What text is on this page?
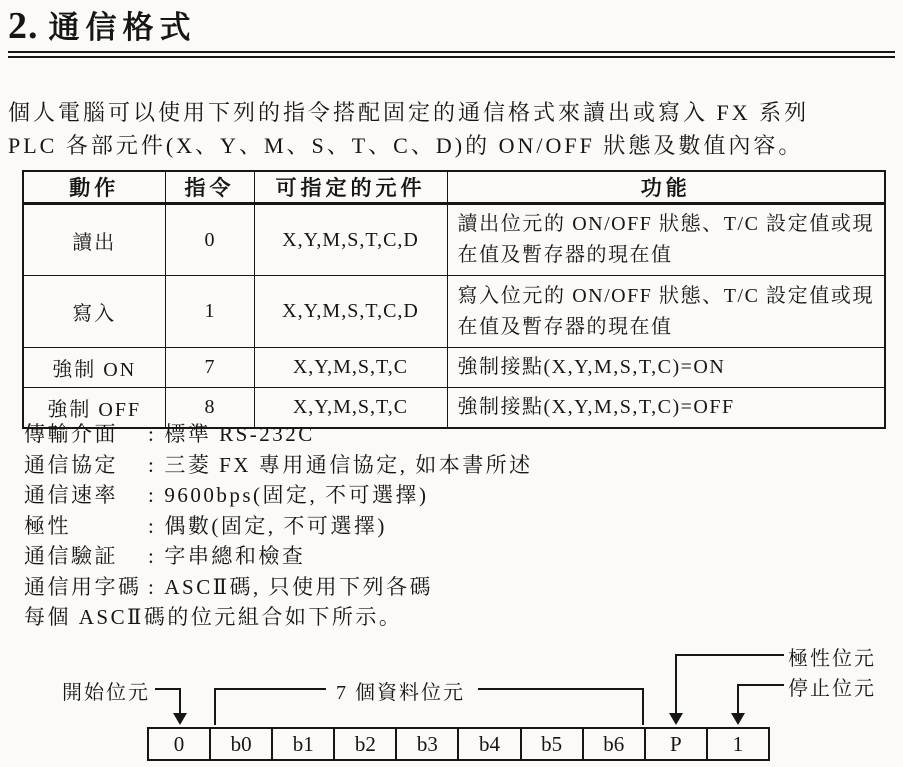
2. 通信格式
個人電腦可以使用下列的指令搭配固定的通信格式來讀出或寫入 FX 系列
PLC 各部元件(X、Y、M、S、T、C、D)的 ON/OFF 狀態及數值內容。
動作	指令	可指定的元件	功能
讀出	0	X,Y,M,S,T,C,D	讀出位元的 ON/OFF 狀態、T/C 設定值或現在值及暫存器的現在值
寫入	1	X,Y,M,S,T,C,D	寫入位元的 ON/OFF 狀態、T/C 設定值或現在值及暫存器的現在值
強制 ON	7	X,Y,M,S,T,C	強制接點(X,Y,M,S,T,C)=ON
強制 OFF	8	X,Y,M,S,T,C	強制接點(X,Y,M,S,T,C)=OFF
傳輸介面	: 標準 RS-232C
通信協定	: 三菱 FX 專用通信協定, 如本書所述
通信速率	: 9600bps(固定, 不可選擇)
極性	: 偶數(固定, 不可選擇)
通信驗証	: 字串總和檢查
通信用字碼 : ASCⅡ碼, 只使用下列各碼
每個 ASCⅡ碼的位元組合如下所示。
開始位元	7 個資料位元
極性位元
停止位元
0	b0	b1	b2	b3	b4	b5	b6	P	1
